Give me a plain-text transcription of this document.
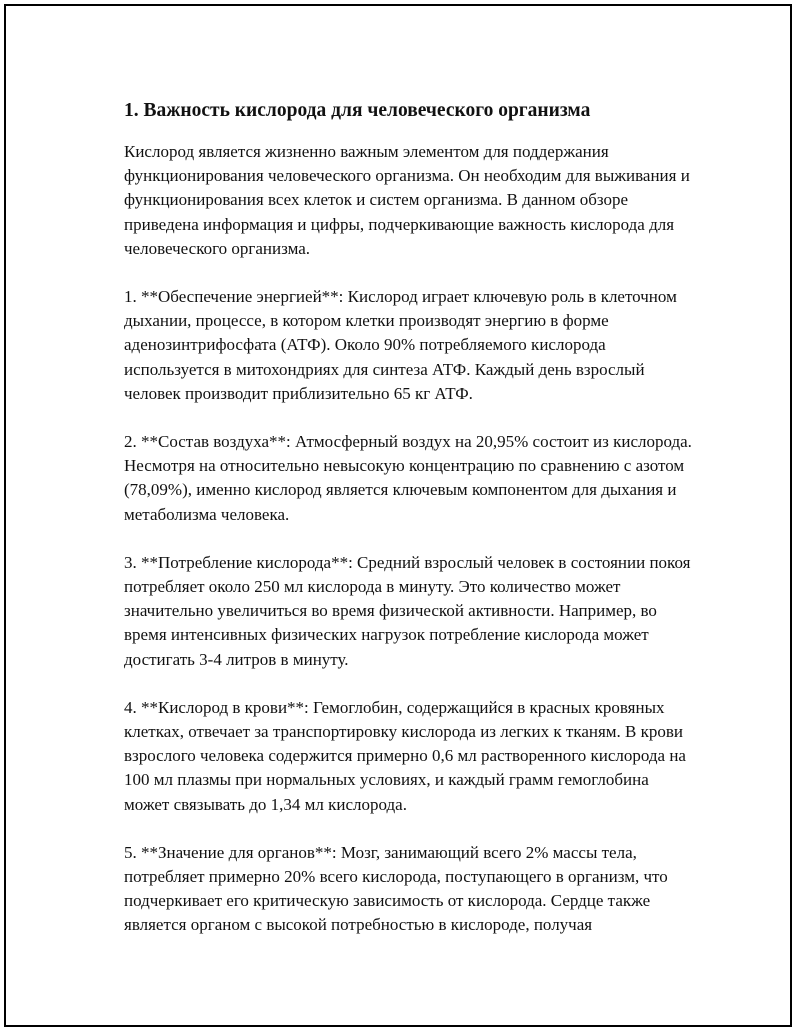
1. Важность кислорода для человеческого организма

Кислород является жизненно важным элементом для поддержания функционирования человеческого организма. Он необходим для выживания и функционирования всех клеток и систем организма. В данном обзоре приведена информация и цифры, подчеркивающие важность кислорода для человеческого организма.

1. **Обеспечение энергией**: Кислород играет ключевую роль в клеточном дыхании, процессе, в котором клетки производят энергию в форме аденозинтрифосфата (АТФ). Около 90% потребляемого кислорода используется в митохондриях для синтеза АТФ. Каждый день взрослый человек производит приблизительно 65 кг АТФ.

2. **Состав воздуха**: Атмосферный воздух на 20,95% состоит из кислорода. Несмотря на относительно невысокую концентрацию по сравнению с азотом (78,09%), именно кислород является ключевым компонентом для дыхания и метаболизма человека.

3. **Потребление кислорода**: Средний взрослый человек в состоянии покоя потребляет около 250 мл кислорода в минуту. Это количество может значительно увеличиться во время физической активности. Например, во время интенсивных физических нагрузок потребление кислорода может достигать 3-4 литров в минуту.

4. **Кислород в крови**: Гемоглобин, содержащийся в красных кровяных клетках, отвечает за транспортировку кислорода из легких к тканям. В крови взрослого человека содержится примерно 0,6 мл растворенного кислорода на 100 мл плазмы при нормальных условиях, и каждый грамм гемоглобина может связывать до 1,34 мл кислорода.

5. **Значение для органов**: Мозг, занимающий всего 2% массы тела, потребляет примерно 20% всего кислорода, поступающего в организм, что подчеркивает его критическую зависимость от кислорода. Сердце также является органом с высокой потребностью в кислороде, получая
